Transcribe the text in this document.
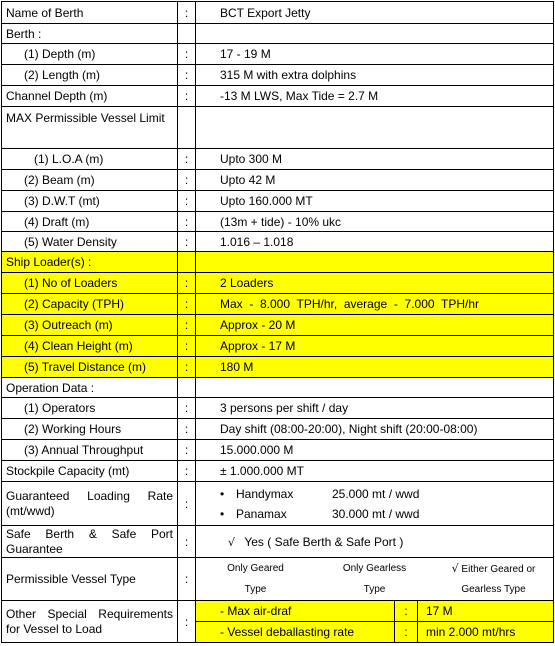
Name of Berth	:	BCT Export Jetty
Berth :		
(1) Depth (m)	:	17 - 19 M
(2) Length (m)	:	315 M with extra dolphins
Channel Depth (m)	:	-13 M LWS, Max Tide = 2.7 M
MAX Permissible Vessel Limit		
(1) L.O.A (m)	:	Upto 300 M
(2) Beam (m)	:	Upto 42 M
(3) D.W.T (mt)	:	Upto 160.000 MT
(4) Draft (m)	:	(13m + tide) - 10% ukc
(5) Water Density	:	1.016 – 1.018
Ship Loader(s) :		
(1) No of Loaders	:	2 Loaders
(2) Capacity (TPH)	:	Max  -  8.000  TPH/hr,  average  -  7.000  TPH/hr
(3) Outreach (m)	:	Approx - 20 M
(4) Clean Height (m)	:	Approx - 17 M
(5) Travel Distance (m)	:	180 M
Operation Data :		
(1) Operators	:	3 persons per shift / day
(2) Working Hours	:	Day shift (08:00-20:00), Night shift (20:00-08:00)
(3) Annual Throughput	:	15.000.000 M
Stockpile Capacity (mt)	:	± 1.000.000 MT
Guaranteed Loading Rate (mt/wwd)	:	
• Handymax	25.000 mt / wwd
• Panamax	30.000 mt / wwd

Safe Berth & Safe Port Guarantee	:	√ Yes ( Safe Berth & Safe Port )
Permissible Vessel Type	:	
Only Geared	Only Gearless	√ Either Geared or
Type	Type	Gearless Type

Other Special Requirements for Vessel to Load	:	
- Max air-draf	:	17 M
- Vessel deballasting rate	:	min 2.000 mt/hrs
